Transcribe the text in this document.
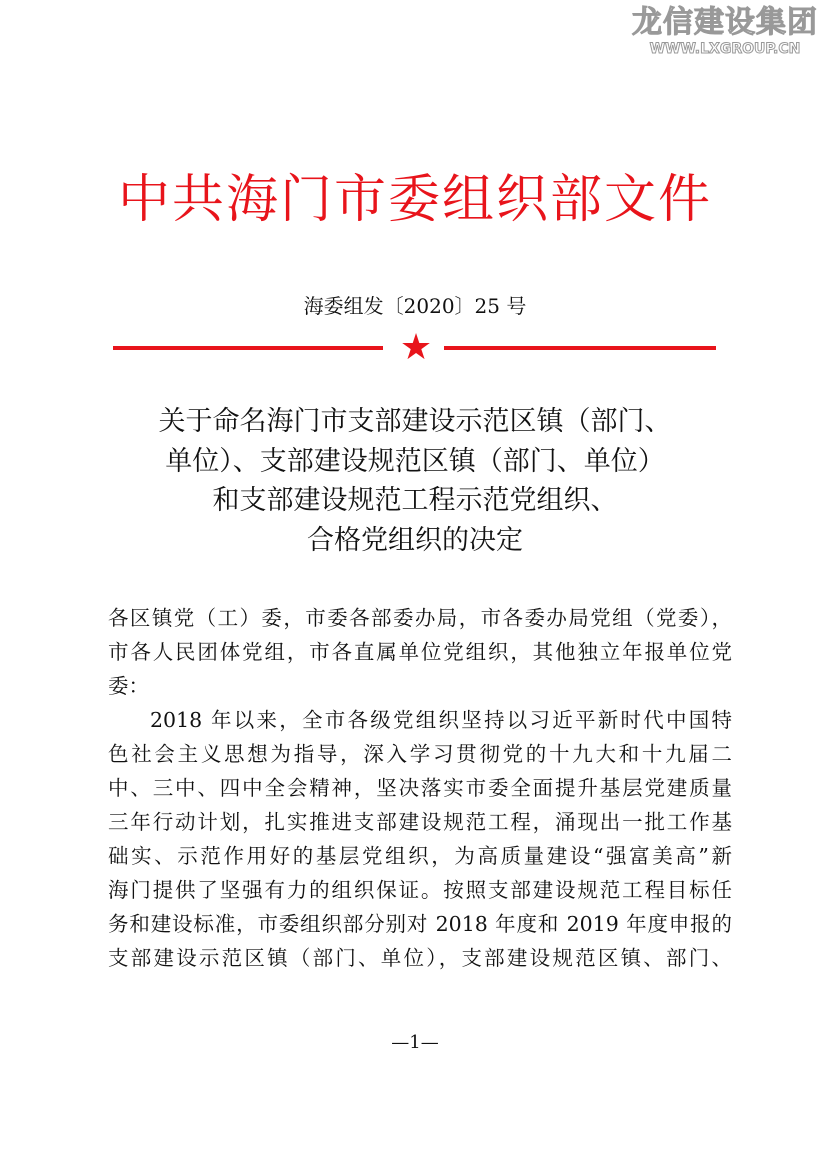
龙信建设集团
WWW.LXGROUP.CN
中共海门市委组织部文件
海委组发〔2020〕25 号
★
关于命名海门市支部建设示范区镇（部门、
单位）、支部建设规范区镇（部门、单位）
和支部建设规范工程示范党组织、
合格党组织的决定
各区镇党（工）委，市委各部委办局，市各委办局党组（党委），
市各人民团体党组，市各直属单位党组织，其他独立年报单位党
委：
2018 年以来，全市各级党组织坚持以习近平新时代中国特
色社会主义思想为指导，深入学习贯彻党的十九大和十九届二
中、三中、四中全会精神，坚决落实市委全面提升基层党建质量
三年行动计划，扎实推进支部建设规范工程，涌现出一批工作基
础实、示范作用好的基层党组织，为高质量建设“强富美高”新
海门提供了坚强有力的组织保证。按照支部建设规范工程目标任
务和建设标准，市委组织部分别对 2018 年度和 2019 年度申报的
支部建设示范区镇（部门、单位），支部建设规范区镇、部门、
—1—
